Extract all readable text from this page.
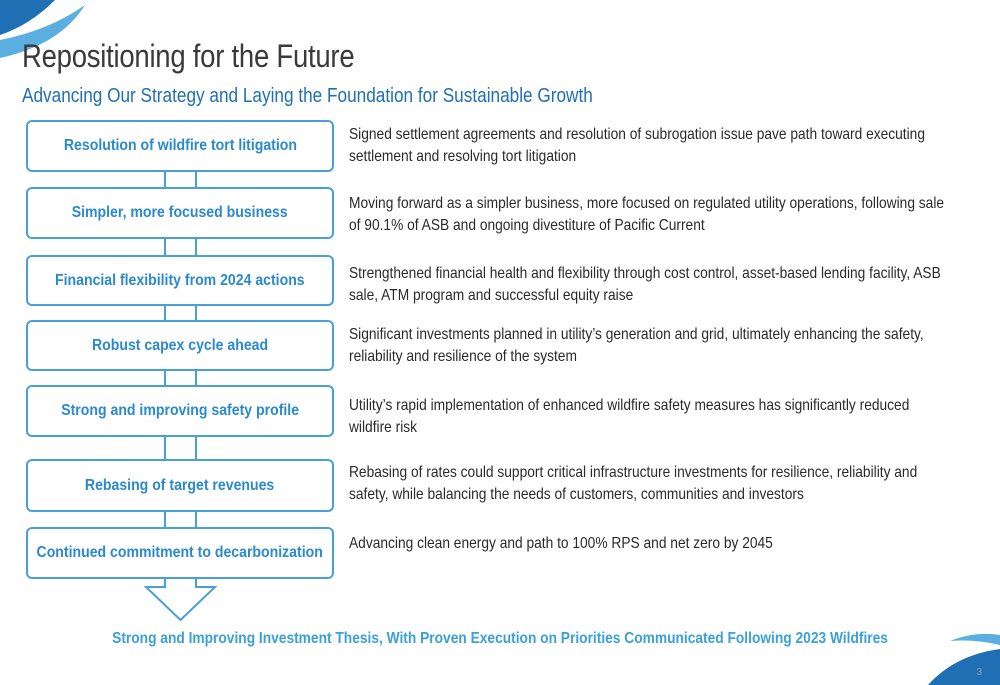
Repositioning for the Future
Advancing Our Strategy and Laying the Foundation for Sustainable Growth
Resolution of wildfire tort litigation
Simpler, more focused business
Financial flexibility from 2024 actions
Robust capex cycle ahead
Strong and improving safety profile
Rebasing of target revenues
Continued commitment to decarbonization
Signed settlement agreements and resolution of subrogation issue pave path toward executing settlement and resolving tort litigation
Moving forward as a simpler business, more focused on regulated utility operations, following sale of 90.1% of ASB and ongoing divestiture of Pacific Current
Strengthened financial health and flexibility through cost control, asset-based lending facility, ASB sale, ATM program and successful equity raise
Significant investments planned in utility’s generation and grid, ultimately enhancing the safety, reliability and resilience of the system
Utility’s rapid implementation of enhanced wildfire safety measures has significantly reduced wildfire risk
Rebasing of rates could support critical infrastructure investments for resilience, reliability and safety, while balancing the needs of customers, communities and investors
Advancing clean energy and path to 100% RPS and net zero by 2045
Strong and Improving Investment Thesis, With Proven Execution on Priorities Communicated Following 2023 Wildfires
3
